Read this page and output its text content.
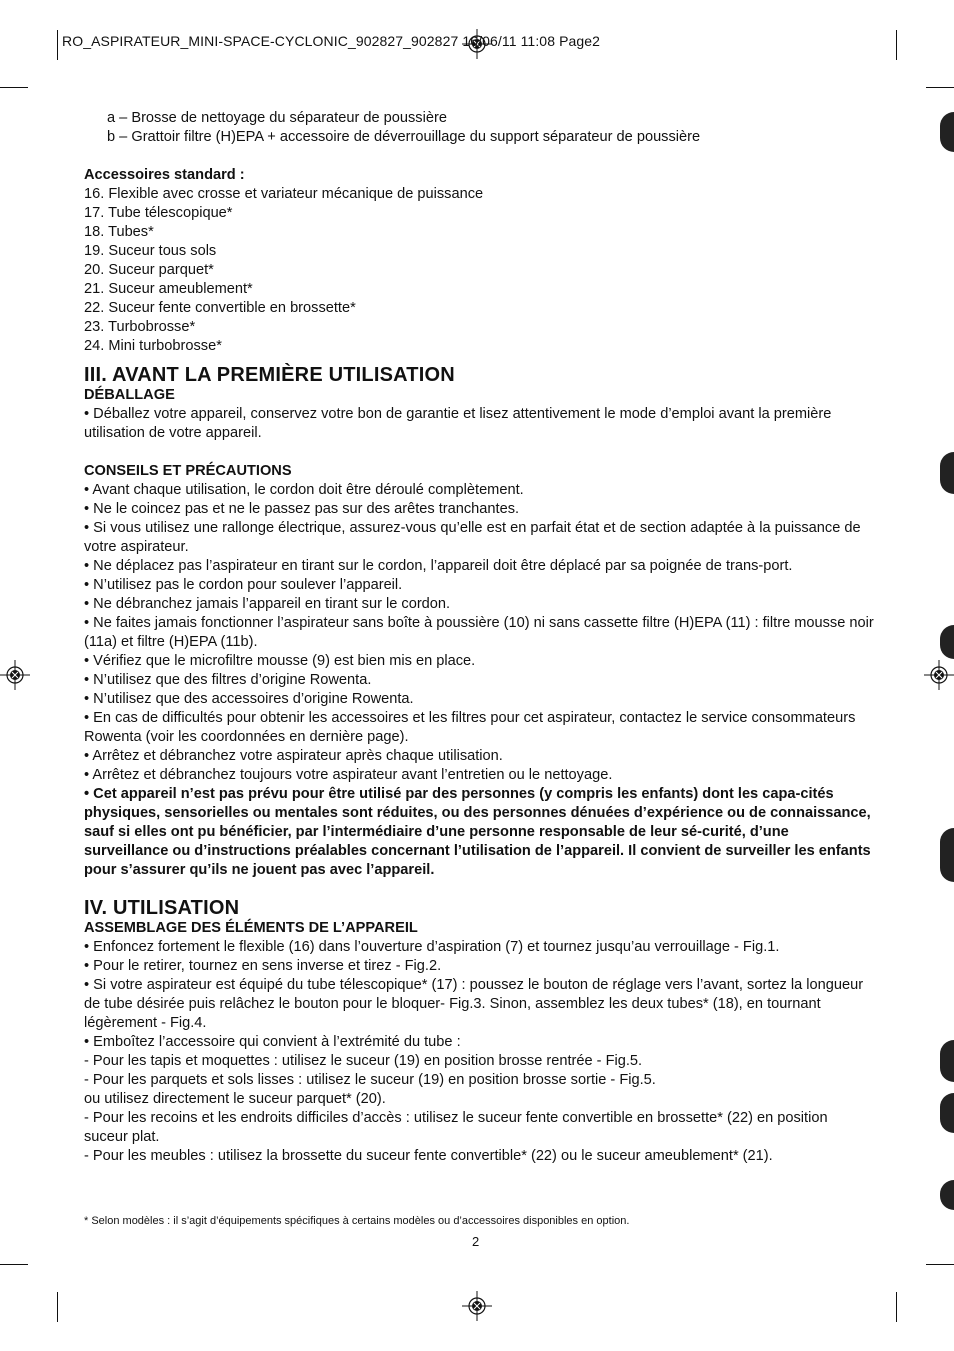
RO_ASPIRATEUR_MINI-SPACE-CYCLONIC_902827_902827 16/06/11 11:08 Page2
a – Brosse de nettoyage du séparateur de poussière
b – Grattoir filtre (H)EPA + accessoire de déverrouillage du support séparateur de poussière
Accessoires standard :
16. Flexible avec crosse et variateur mécanique de puissance
17. Tube télescopique*
18. Tubes*
19. Suceur tous sols
20. Suceur parquet*
21. Suceur ameublement*
22. Suceur fente convertible en brossette*
23. Turbobrosse*
24. Mini turbobrosse*
III. AVANT LA PREMIÈRE UTILISATION
DÉBALLAGE

• Déballez votre appareil, conservez votre bon de garantie et lisez attentivement le mode d’emploi avant la première utilisation de votre appareil.

CONSEILS ET PRÉCAUTIONS
• Avant chaque utilisation, le cordon doit être déroulé complètement.
• Ne le coincez pas et ne le passez pas sur des arêtes tranchantes.
• Si vous utilisez une rallonge électrique, assurez-vous qu’elle est en parfait état et de section adaptée à la puissance de votre aspirateur.
• Ne déplacez pas l’aspirateur en tirant sur le cordon, l’appareil doit être déplacé par sa poignée de trans-port.
• N’utilisez pas le cordon pour soulever l’appareil.
• Ne débranchez jamais l’appareil en tirant sur le cordon.
• Ne faites jamais fonctionner l’aspirateur sans boîte à poussière (10) ni sans cassette filtre (H)EPA (11) : filtre mousse noir (11a) et filtre (H)EPA (11b).
• Vérifiez que le microfiltre mousse (9) est bien mis en place.
• N’utilisez que des filtres d’origine Rowenta.
• N’utilisez que des accessoires d’origine Rowenta.
• En cas de difficultés pour obtenir les accessoires et les filtres pour cet aspirateur, contactez le service consommateurs Rowenta (voir les coordonnées en dernière page).
• Arrêtez et débranchez votre aspirateur après chaque utilisation.
• Arrêtez et débranchez toujours votre aspirateur avant l’entretien ou le nettoyage.

• Cet appareil n’est pas prévu pour être utilisé par des personnes (y compris les enfants) dont les capa-cités physiques, sensorielles ou mentales sont réduites, ou des personnes dénuées d’expérience ou de connaissance, sauf si elles ont pu bénéficier, par l’intermédiaire d’une personne responsable de leur sé-curité, d’une surveillance ou d’instructions préalables concernant l’utilisation de l’appareil. Il convient de surveiller les enfants pour s’assurer qu’ils ne jouent pas avec l’appareil.

IV. UTILISATION
ASSEMBLAGE DES ÉLÉMENTS DE L’APPAREIL
• Enfoncez fortement le flexible (16) dans l’ouverture d’aspiration (7) et tournez jusqu’au verrouillage - Fig.1.
• Pour le retirer, tournez en sens inverse et tirez - Fig.2.
• Si votre aspirateur est équipé du tube télescopique* (17) : poussez le bouton de réglage vers l’avant, sortez la longueur de tube désirée puis relâchez le bouton pour le bloquer- Fig.3. Sinon, assemblez les deux tubes* (18), en tournant légèrement - Fig.4.
• Emboîtez l’accessoire qui convient à l’extrémité du tube :
- Pour les tapis et moquettes : utilisez le suceur (19) en position brosse rentrée - Fig.5.
- Pour les parquets et sols lisses : utilisez le suceur (19) en position brosse sortie - Fig.5.
ou utilisez directement le suceur parquet* (20).
- Pour les recoins et les endroits difficiles d’accès : utilisez le suceur fente convertible en brossette* (22) en position suceur plat.
- Pour les meubles : utilisez la brossette du suceur fente convertible* (22) ou le suceur ameublement* (21).
* Selon modèles : il s’agit d’équipements spécifiques à certains modèles ou d’accessoires disponibles en option.
2
